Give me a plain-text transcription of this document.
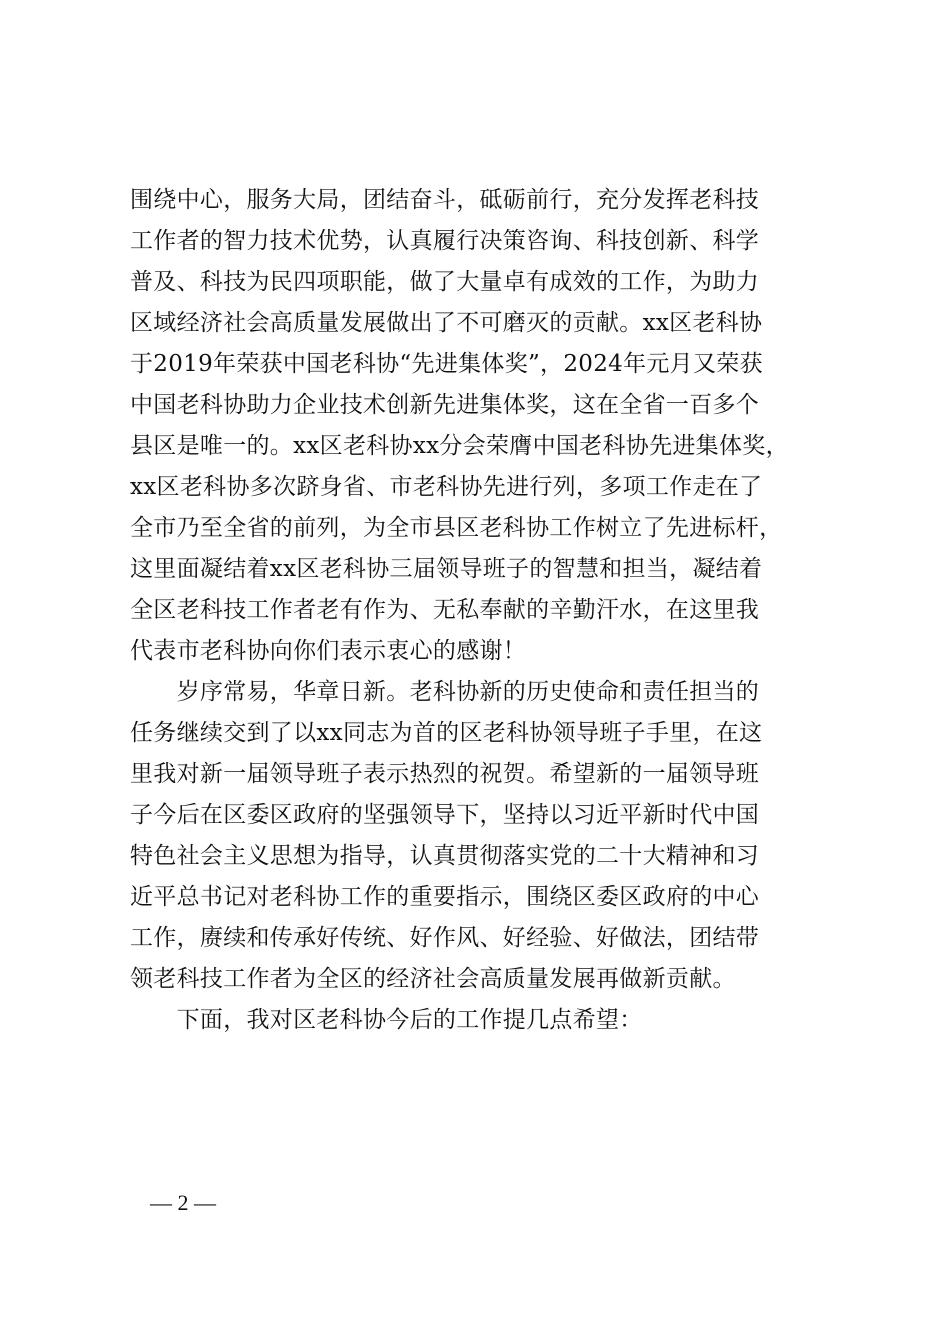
围绕中心，服务大局，团结奋斗，砥砺前行，充分发挥老科技
工作者的智力技术优势，认真履行决策咨询、科技创新、科学
普及、科技为民四项职能，做了大量卓有成效的工作，为助力
区域经济社会高质量发展做出了不可磨灭的贡献。xx区老科协
于2019年荣获中国老科协“先进集体奖”，2024年元月又荣获
中国老科协助力企业技术创新先进集体奖，这在全省一百多个
县区是唯一的。xx区老科协xx分会荣膺中国老科协先进集体奖，
xx区老科协多次跻身省、市老科协先进行列，多项工作走在了
全市乃至全省的前列，为全市县区老科协工作树立了先进标杆，
这里面凝结着xx区老科协三届领导班子的智慧和担当，凝结着
全区老科技工作者老有作为、无私奉献的辛勤汗水，在这里我
代表市老科协向你们表示衷心的感谢！
　　岁序常易，华章日新。老科协新的历史使命和责任担当的
任务继续交到了以xx同志为首的区老科协领导班子手里，在这
里我对新一届领导班子表示热烈的祝贺。希望新的一届领导班
子今后在区委区政府的坚强领导下，坚持以习近平新时代中国
特色社会主义思想为指导，认真贯彻落实党的二十大精神和习
近平总书记对老科协工作的重要指示，围绕区委区政府的中心
工作，赓续和传承好传统、好作风、好经验、好做法，团结带
领老科技工作者为全区的经济社会高质量发展再做新贡献。
　　下面，我对区老科协今后的工作提几点希望：
— 2 —
